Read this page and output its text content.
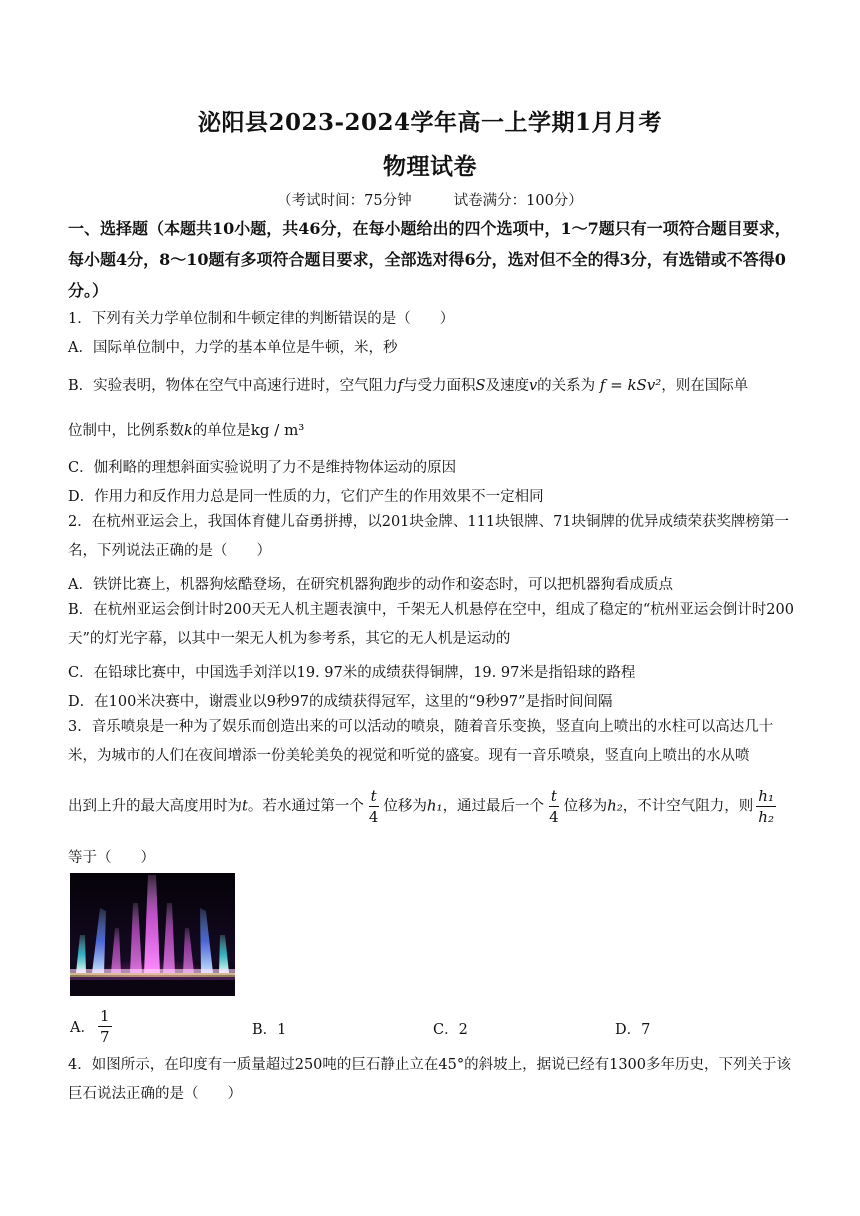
泌阳县2023-2024学年高一上学期1月月考
物理试卷
（考试时间：75分钟	试卷满分：100分）
一、选择题（本题共10小题，共46分，在每小题给出的四个选项中，1～7题只有一项符合题目要求，每小题4分，8～10题有多项符合题目要求，全部选对得6分，选对但不全的得3分，有选错或不答得0分。）
1．下列有关力学单位制和牛顿定律的判断错误的是（　　）
A．国际单位制中，力学的基本单位是牛顿，米，秒
B．实验表明，物体在空气中高速行进时，空气阻力f与受力面积S及速度v的关系为 f = kSv²，则在国际单
位制中，比例系数k的单位是kg / m³
C．伽利略的理想斜面实验说明了力不是维持物体运动的原因
D．作用力和反作用力总是同一性质的力，它们产生的作用效果不一定相同
2．在杭州亚运会上，我国体育健儿奋勇拼搏，以201块金牌、111块银牌、71块铜牌的优异成绩荣获奖牌榜第一名，下列说法正确的是（　　）
A．铁饼比赛上，机器狗炫酷登场，在研究机器狗跑步的动作和姿态时，可以把机器狗看成质点
B．在杭州亚运会倒计时200天无人机主题表演中，千架无人机悬停在空中，组成了稳定的“杭州亚运会倒计时200天”的灯光字幕，以其中一架无人机为参考系，其它的无人机是运动的
C．在铅球比赛中，中国选手刘洋以19. 97米的成绩获得铜牌，19. 97米是指铅球的路程
D．在100米决赛中，谢震业以9秒97的成绩获得冠军，这里的“9秒97”是指时间间隔
3．音乐喷泉是一种为了娱乐而创造出来的可以活动的喷泉，随着音乐变换，竖直向上喷出的水柱可以高达几十米，为城市的人们在夜间增添一份美轮美奂的视觉和听觉的盛宴。现有一音乐喷泉，竖直向上喷出的水从喷
出到上升的最大高度用时为t。若水通过第一个 $\frac{t}{4}$ 位移为h₁，通过最后一个 $\frac{t}{4}$ 位移为h₂，不计空气阻力，则 $\frac{\text{h₁}}{\text{h₂}}$
等于（　　）
A． $\frac{1}{7}$	B．1	C．2	D．7
4．如图所示，在印度有一质量超过250吨的巨石静止立在45°的斜坡上，据说已经有1300多年历史，下列关于该巨石说法正确的是（　　）
